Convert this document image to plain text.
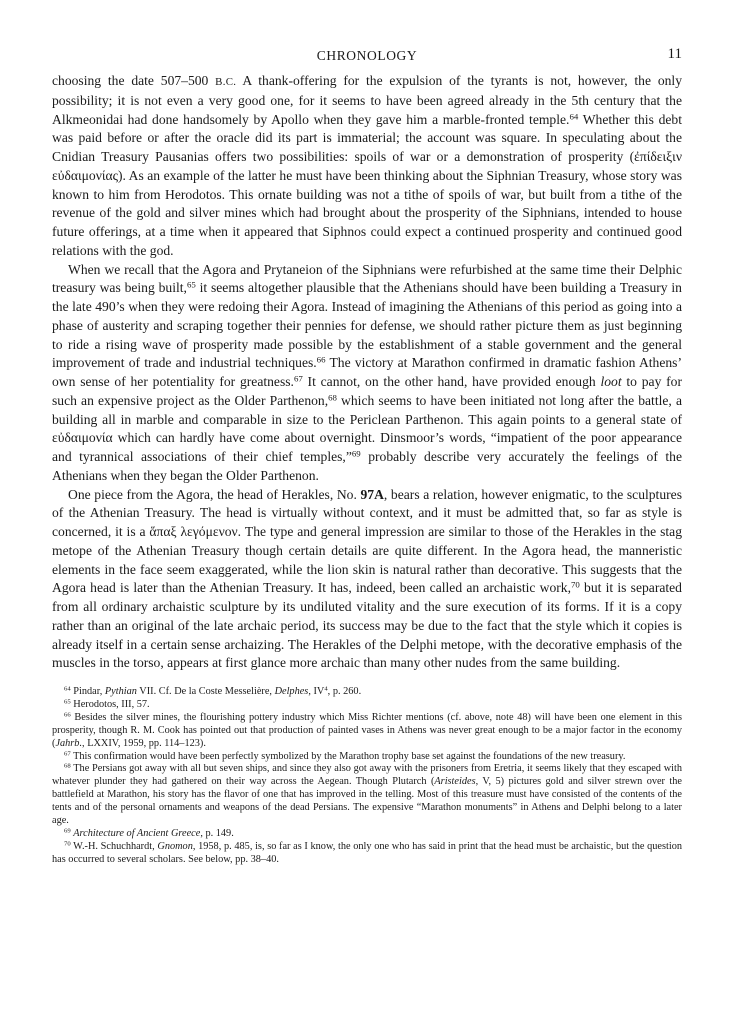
CHRONOLOGY	11

choosing the date 507–500 B.C. A thank-offering for the expulsion of the tyrants is not, however, the only possibility; it is not even a very good one, for it seems to have been agreed already in the 5th century that the Alkmeonidai had done handsomely by Apollo when they gave him a marble-fronted temple.$^{64}$ Whether this debt was paid before or after the oracle did its part is immaterial; the account was square. In speculating about the Cnidian Treasury Pausanias offers two possibilities: spoils of war or a demonstration of prosperity (ἐπίδειξιν εὐδαιμονίας). As an example of the latter he must have been thinking about the Siphnian Treasury, whose story was known to him from Herodotos. This ornate building was not a tithe of spoils of war, but built from a tithe of the revenue of the gold and silver mines which had brought about the prosperity of the Siphnians, intended to house future offerings, at a time when it appeared that Siphnos could expect a continued prosperity and continued good relations with the god.

When we recall that the Agora and Prytaneion of the Siphnians were refurbished at the same time their Delphic treasury was being built,$^{65}$ it seems altogether plausible that the Athenians should have been building a Treasury in the late 490’s when they were redoing their Agora. Instead of imagining the Athenians of this period as going into a phase of austerity and scraping together their pennies for defense, we should rather picture them as just beginning to ride a rising wave of prosperity made possible by the establishment of a stable government and the general improvement of trade and industrial techniques.$^{66}$ The victory at Marathon confirmed in dramatic fashion Athens’ own sense of her potentiality for greatness.$^{67}$ It cannot, on the other hand, have provided enough loot to pay for such an expensive project as the Older Parthenon,$^{68}$ which seems to have been initiated not long after the battle, a building all in marble and comparable in size to the Periclean Parthenon. This again points to a general state of εὐδαιμονία which can hardly have come about overnight. Dinsmoor’s words, “impatient of the poor appearance and tyrannical associations of their chief temples,”$^{69}$ probably describe very accurately the feelings of the Athenians when they began the Older Parthenon.

One piece from the Agora, the head of Herakles, No. 97A, bears a relation, however enigmatic, to the sculptures of the Athenian Treasury. The head is virtually without context, and it must be admitted that, so far as style is concerned, it is a ἅπαξ λεγόμενον. The type and general impression are similar to those of the Herakles in the stag metope of the Athenian Treasury though certain details are quite different. In the Agora head, the manneristic elements in the face seem exaggerated, while the lion skin is natural rather than decorative. This suggests that the Agora head is later than the Athenian Treasury. It has, indeed, been called an archaistic work,$^{70}$ but it is separated from all ordinary archaistic sculpture by its undiluted vitality and the sure execution of its forms. If it is a copy rather than an original of the late archaic period, its success may be due to the fact that the style which it copies is already itself in a certain sense archaizing. The Herakles of the Delphi metope, with the decorative emphasis of the muscles in the torso, appears at first glance more archaic than many other nudes from the same building.

$^{64}$ Pindar, Pythian VII. Cf. De la Coste Messelière, Delphes, $IV^4$, p. 260.

$^{65}$ Herodotos, III, 57.

$^{66}$ Besides the silver mines, the flourishing pottery industry which Miss Richter mentions (cf. above, note 48) will have been one element in this prosperity, though R. M. Cook has pointed out that production of painted vases in Athens was never great enough to be a major factor in the economy (Jahrb., LXXIV, 1959, pp. 114–123).

$^{67}$ This confirmation would have been perfectly symbolized by the Marathon trophy base set against the foundations of the new treasury.

$^{68}$ The Persians got away with all but seven ships, and since they also got away with the prisoners from Eretria, it seems likely that they escaped with whatever plunder they had gathered on their way across the Aegean. Though Plutarch (Aristeides, V, 5) pictures gold and silver strewn over the battlefield at Marathon, his story has the flavor of one that has improved in the telling. Most of this treasure must have consisted of the contents of the tents and of the personal ornaments and weapons of the dead Persians. The expensive “Marathon monuments” in Athens and Delphi belong to a later age.

$^{69}$ Architecture of Ancient Greece, p. 149.

$^{70}$ W.-H. Schuchhardt, Gnomon, 1958, p. 485, is, so far as I know, the only one who has said in print that the head must be archaistic, but the question has occurred to several scholars. See below, pp. 38–40.
